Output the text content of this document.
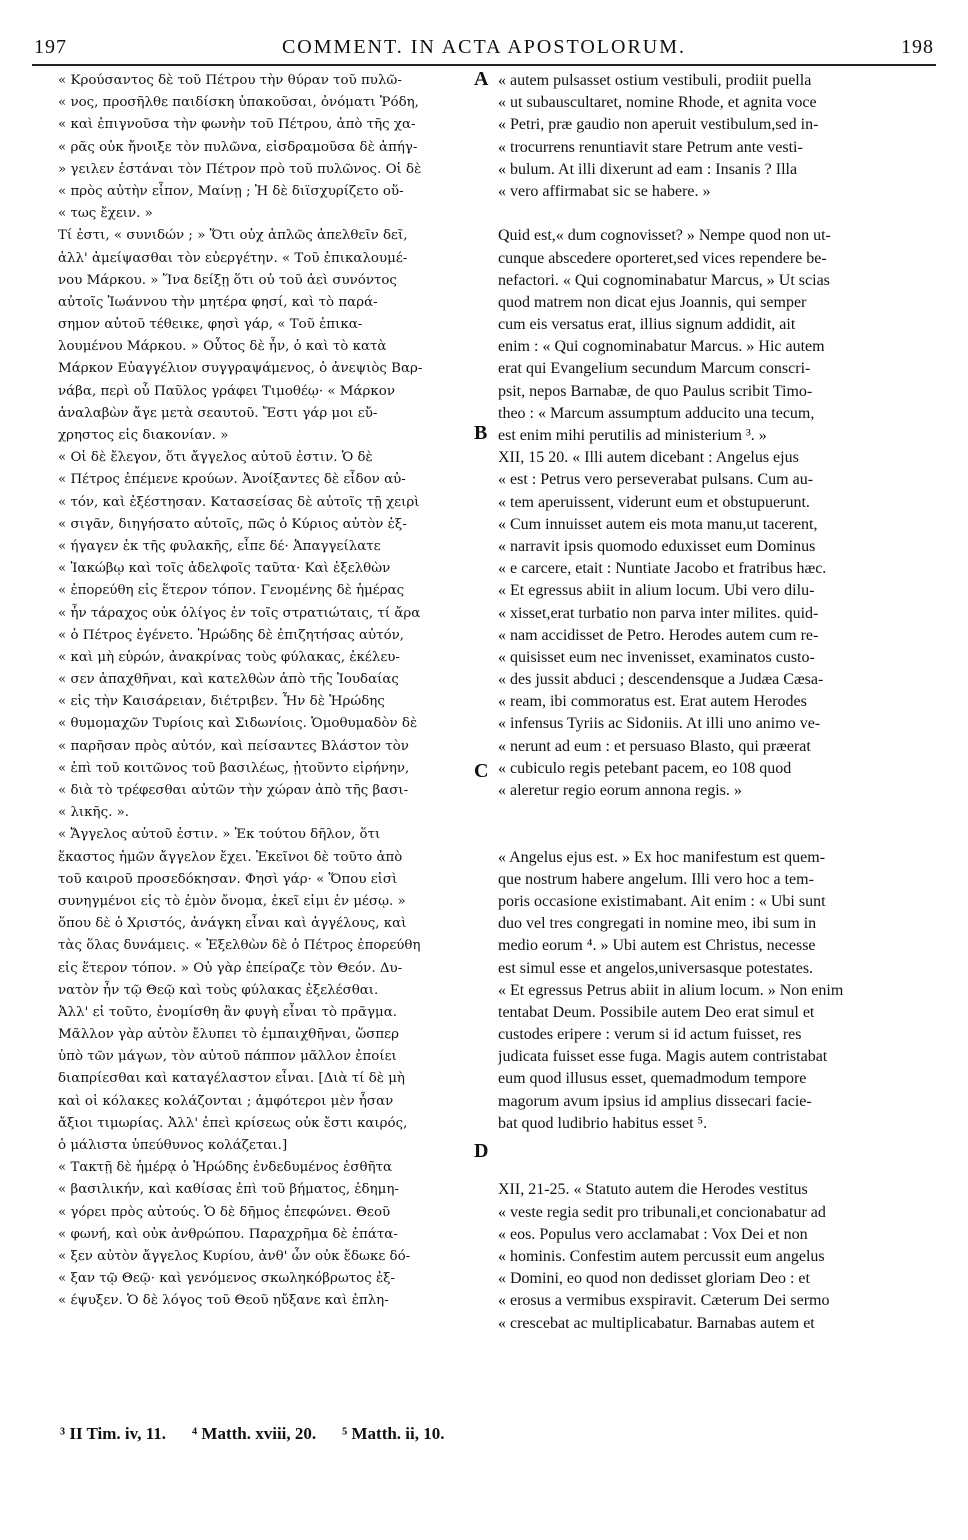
197	COMMENT. IN ACTA APOSTOLORUM.	198
« Κρούσαντος δὲ τοῦ Πέτρου τὴν θύραν τοῦ πυλῶ-
« νος, προσῆλθε παιδίσκη ὑπακοῦσαι, ὀνόματι Ῥόδη,
« καὶ ἐπιγνοῦσα τὴν φωνὴν τοῦ Πέτρου, ἀπὸ τῆς χα-
« ρᾶς οὐκ ἤνοιξε τὸν πυλῶνα, εἰσδραμοῦσα δὲ ἀπήγ-
» γειλεν ἑστάναι τὸν Πέτρον πρὸ τοῦ πυλῶνος. Οἱ δὲ
« πρὸς αὐτὴν εἶπον, Μαίνῃ ; Ἡ δὲ διϊσχυρίζετο οὕ-
« τως ἔχειν. »
Τί ἐστι, « συνιδών ; » Ὅτι οὐχ ἁπλῶς ἀπελθεῖν δεῖ,
ἀλλ' ἀμείψασθαι τὸν εὐεργέτην. « Τοῦ ἐπικαλουμέ-
νου Μάρκου. » Ἵνα δείξῃ ὅτι οὐ τοῦ ἀεὶ συνόντος
αὐτοῖς Ἰωάννου τὴν μητέρα φησί, καὶ τὸ παρά-
σημον αὐτοῦ τέθεικε, φησὶ γάρ, « Τοῦ ἐπικα-
λουμένου Μάρκου. » Οὗτος δὲ ἦν, ὁ καὶ τὸ κατὰ
Μάρκον Εὐαγγέλιον συγγραψάμενος, ὁ ἀνεψιὸς Βαρ-
νάβα, περὶ οὗ Παῦλος γράφει Τιμοθέῳ· « Μάρκον
ἀναλαβὼν ἄγε μετὰ σεαυτοῦ. Ἔστι γάρ μοι εὔ-
χρηστος εἰς διακονίαν. »
« Οἱ δὲ ἔλεγον, ὅτι ἄγγελος αὐτοῦ ἐστιν. Ὁ δὲ
« Πέτρος ἐπέμενε κρούων. Ἀνοίξαντες δὲ εἶδον αὐ-
« τόν, καὶ ἐξέστησαν. Κατασείσας δὲ αὐτοῖς τῇ χειρὶ
« σιγᾶν, διηγήσατο αὐτοῖς, πῶς ὁ Κύριος αὐτὸν ἐξ-
« ήγαγεν ἐκ τῆς φυλακῆς, εἶπε δέ· Ἀπαγγείλατε
« Ἰακώβῳ καὶ τοῖς ἀδελφοῖς ταῦτα· Καὶ ἐξελθὼν
« ἐπορεύθη εἰς ἕτερον τόπον. Γενομένης δὲ ἡμέρας
« ἦν τάραχος οὐκ ὀλίγος ἐν τοῖς στρατιώταις, τί ἄρα
« ὁ Πέτρος ἐγένετο. Ἡρώδης δὲ ἐπιζητήσας αὐτόν,
« καὶ μὴ εὑρών, ἀνακρίνας τοὺς φύλακας, ἐκέλευ-
« σεν ἀπαχθῆναι, καὶ κατελθὼν ἀπὸ τῆς Ἰουδαίας
« εἰς τὴν Καισάρειαν, διέτριβεν. Ἦν δὲ Ἡρώδης
« θυμομαχῶν Τυρίοις καὶ Σιδωνίοις. Ὁμοθυμαδὸν δὲ
« παρῆσαν πρὸς αὐτόν, καὶ πείσαντες Βλάστον τὸν
« ἐπὶ τοῦ κοιτῶνος τοῦ βασιλέως, ᾐτοῦντο εἰρήνην,
« διὰ τὸ τρέφεσθαι αὐτῶν τὴν χώραν ἀπὸ τῆς βασι-
« λικῆς. ».
« Ἄγγελος αὐτοῦ ἐστιν. » Ἐκ τούτου δῆλον, ὅτι
ἕκαστος ἡμῶν ἄγγελον ἔχει. Ἐκεῖνοι δὲ τοῦτο ἀπὸ
τοῦ καιροῦ προσεδόκησαν. Φησὶ γάρ· « Ὅπου εἰσὶ
συνηγμένοι εἰς τὸ ἐμὸν ὄνομα, ἐκεῖ εἰμι ἐν μέσῳ. »
ὅπου δὲ ὁ Χριστός, ἀνάγκη εἶναι καὶ ἀγγέλους, καὶ
τὰς ὅλας δυνάμεις. « Ἐξελθὼν δὲ ὁ Πέτρος ἐπορεύθη
εἰς ἕτερον τόπον. » Οὐ γὰρ ἐπείραζε τὸν Θεόν. Δυ-
νατὸν ἦν τῷ Θεῷ καὶ τοὺς φύλακας ἐξελέσθαι.
Ἀλλ' εἰ τοῦτο, ἐνομίσθη ἂν φυγὴ εἶναι τὸ πρᾶγμα.
Μᾶλλον γὰρ αὐτὸν ἔλυπει τὸ ἐμπαιχθῆναι, ὥσπερ
ὑπὸ τῶν μάγων, τὸν αὐτοῦ πάππον μᾶλλον ἐποίει
διαπρίεσθαι καὶ καταγέλαστον εἶναι. [Διὰ τί δὲ μὴ
καὶ οἱ κόλακες κολάζονται ; ἀμφότεροι μὲν ἦσαν
ἄξιοι τιμωρίας. Ἀλλ' ἐπεὶ κρίσεως οὐκ ἔστι καιρός,
ὁ μάλιστα ὑπεύθυνος κολάζεται.]
« Τακτῇ δὲ ἡμέρᾳ ὁ Ἡρώδης ἐνδεδυμένος ἐσθῆτα
« βασιλικήν, καὶ καθίσας ἐπὶ τοῦ βήματος, ἐδημη-
« γόρει πρὸς αὐτούς. Ὁ δὲ δῆμος ἐπεφώνει. Θεοῦ
« φωνή, καὶ οὐκ ἀνθρώπου. Παραχρῆμα δὲ ἐπάτα-
« ξεν αὐτὸν ἄγγελος Κυρίου, ἀνθ' ὧν οὐκ ἔδωκε δό-
« ξαν τῷ Θεῷ· καὶ γενόμενος σκωληκόβρωτος ἐξ-
« έψυξεν. Ὁ δὲ λόγος τοῦ Θεοῦ ηὔξανε καὶ ἐπλη-
« autem pulsasset ostium vestibuli, prodiit puella
« ut subauscultaret, nomine Rhode, et agnita voce
« Petri, præ gaudio non aperuit vestibulum,sed in-
« trocurrens renuntiavit stare Petrum ante vesti-
« bulum. At illi dixerunt ad eam : Insanis ? Illa
« vero affirmabat sic se habere. »
Quid est,« dum cognovisset? » Nempe quod non ut-
cunque abscedere oporteret,sed vices rependere be-
nefactori. « Qui cognominabatur Marcus, » Ut scias
quod matrem non dicat ejus Joannis, qui semper
cum eis versatus erat, illius signum addidit, ait
enim : « Qui cognominabatur Marcus. » Hic autem
erat qui Evangelium secundum Marcum conscri-
psit, nepos Barnabæ, de quo Paulus scribit Timo-
theo : « Marcum assumptum adducito una tecum,
est enim mihi perutilis ad ministerium ³. »
XII, 15 20. « Illi autem dicebant : Angelus ejus
« est : Petrus vero perseverabat pulsans. Cum au-
« tem aperuissent, viderunt eum et obstupuerunt.
« Cum innuisset autem eis mota manu,ut tacerent,
« narravit ipsis quomodo eduxisset eum Dominus
« e carcere, etait : Nuntiate Jacobo et fratribus hæc.
« Et egressus abiit in alium locum. Ubi vero dilu-
« xisset,erat turbatio non parva inter milites. quid-
« nam accidisset de Petro. Herodes autem cum re-
« quisisset eum nec invenisset, examinatos custo-
« des jussit abduci ; descendensque a Judæa Cæsa-
« ream, ibi commoratus est. Erat autem Herodes
« infensus Tyriis ac Sidoniis. At illi uno animo ve-
« nerunt ad eum : et persuaso Blasto, qui præerat
« cubiculo regis petebant pacem, eo 108 quod
« aleretur regio eorum annona regis. »
« Angelus ejus est. » Ex hoc manifestum est quem-
que nostrum habere angelum. Illi vero hoc a tem-
poris occasione existimabant. Ait enim : « Ubi sunt
duo vel tres congregati in nomine meo, ibi sum in
medio eorum ⁴. » Ubi autem est Christus, necesse
est simul esse et angelos,universasque potestates.
« Et egressus Petrus abiit in alium locum. » Non enim
tentabat Deum. Possibile autem Deo erat simul et
custodes eripere : verum si id actum fuisset, res
judicata fuisset esse fuga. Magis autem contristabat
eum quod illusus esset, quemadmodum tempore
magorum avum ipsius id amplius dissecari facie-
bat quod ludibrio habitus esset ⁵.
XII, 21-25. « Statuto autem die Herodes vestitus
« veste regia sedit pro tribunali,et concionabatur ad
« eos. Populus vero acclamabat : Vox Dei et non
« hominis. Confestim autem percussit eum angelus
« Domini, eo quod non dedisset gloriam Deo : et
« erosus a vermibus exspiravit. Cæterum Dei sermo
« crescebat ac multiplicabatur. Barnabas autem et
A
B
C
D
³ II Tim. iv, 11. ⁴ Matth. xviii, 20. ⁵ Matth. ii, 10.
